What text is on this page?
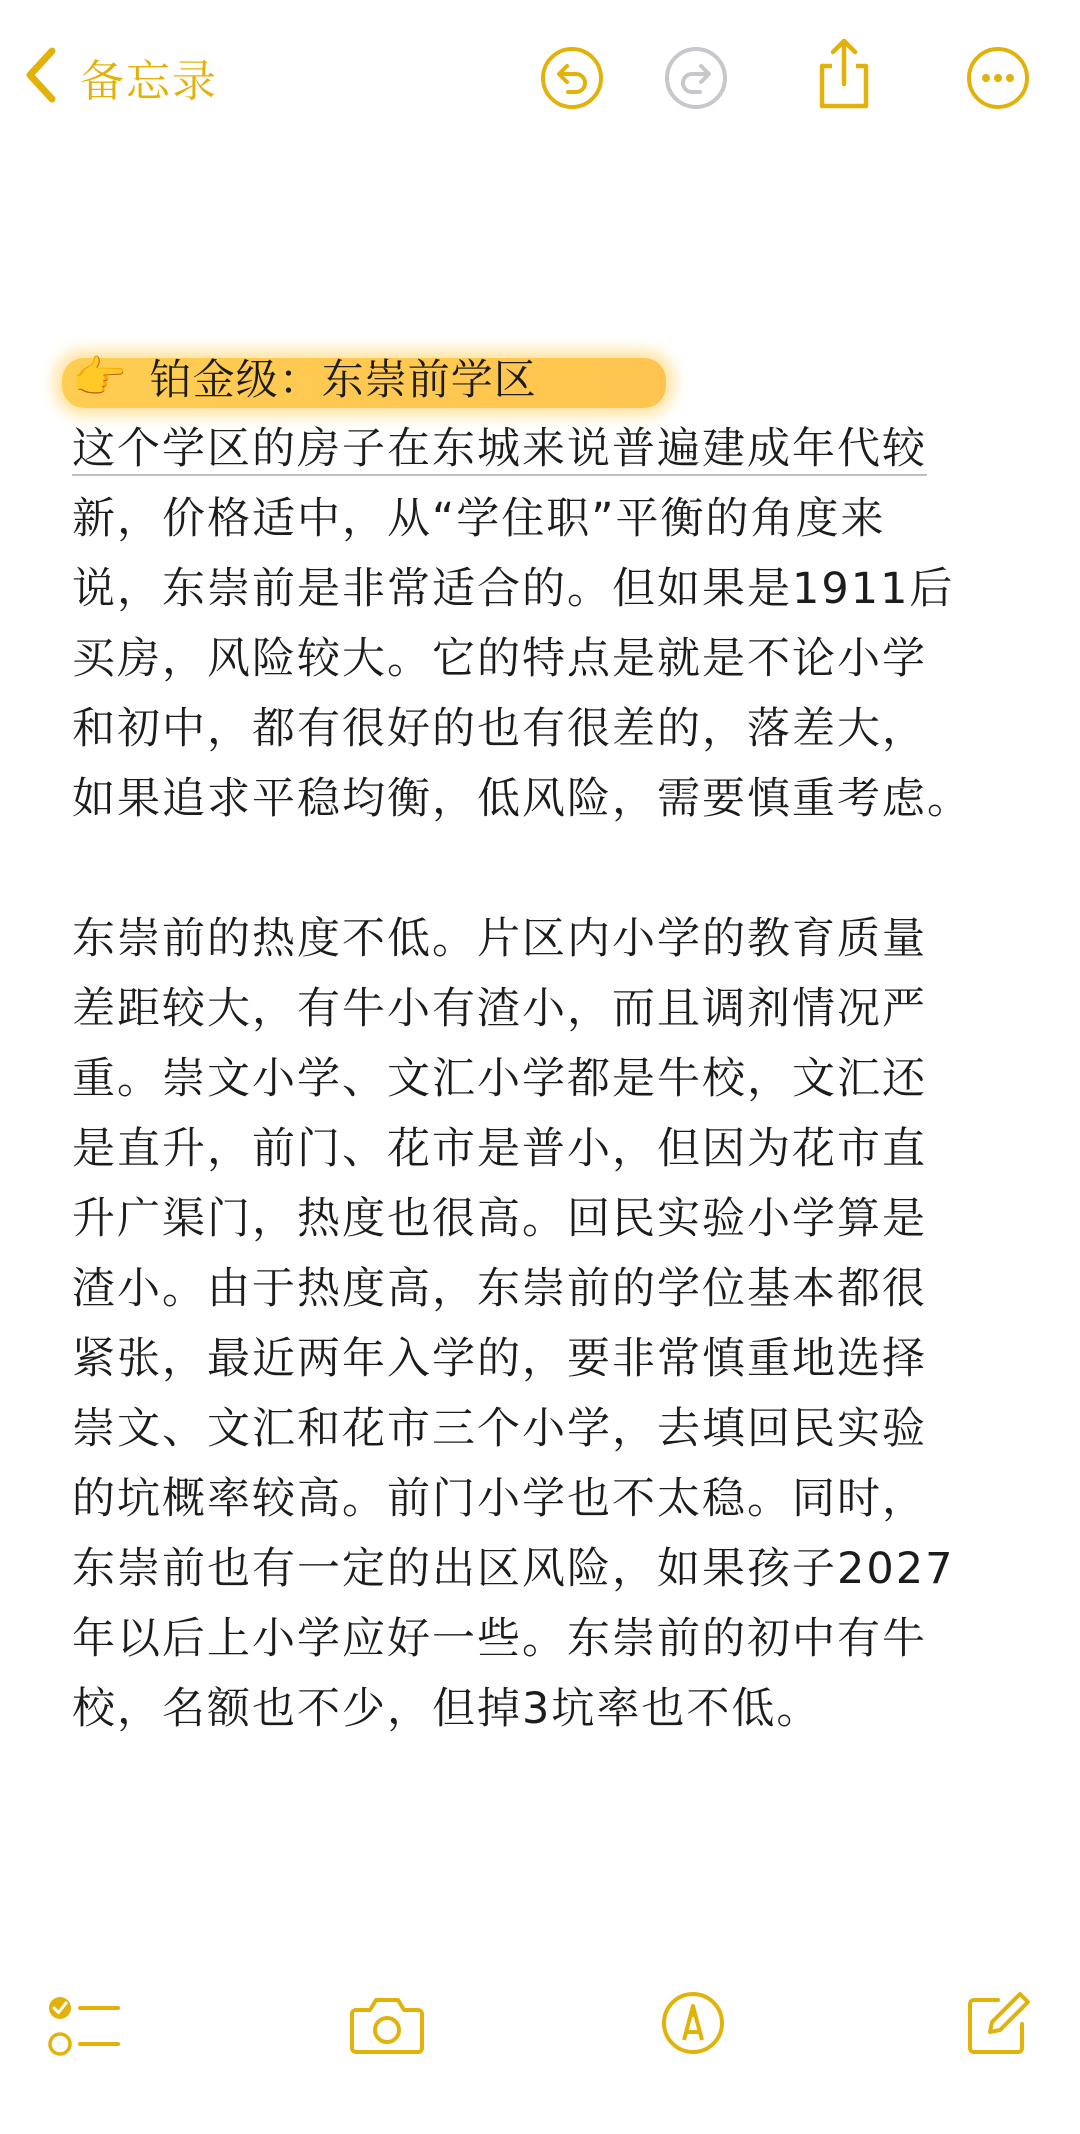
备忘录
👉 铂金级：东崇前学区

这个学区的房子在东城来说普遍建成年代较
新，价格适中，从“学住职”平衡的角度来
说，东崇前是非常适合的。但如果是1911后
买房，风险较大。它的特点是就是不论小学
和初中，都有很好的也有很差的，落差大，
如果追求平稳均衡，低风险，需要慎重考虑。

东崇前的热度不低。片区内小学的教育质量
差距较大，有牛小有渣小，而且调剂情况严
重。崇文小学、文汇小学都是牛校，文汇还
是直升，前门、花市是普小，但因为花市直
升广渠门，热度也很高。回民实验小学算是
渣小。由于热度高，东崇前的学位基本都很
紧张，最近两年入学的，要非常慎重地选择
崇文、文汇和花市三个小学，去填回民实验
的坑概率较高。前门小学也不太稳。同时，
东崇前也有一定的出区风险，如果孩子2027
年以后上小学应好一些。东崇前的初中有牛
校，名额也不少，但掉3坑率也不低。
